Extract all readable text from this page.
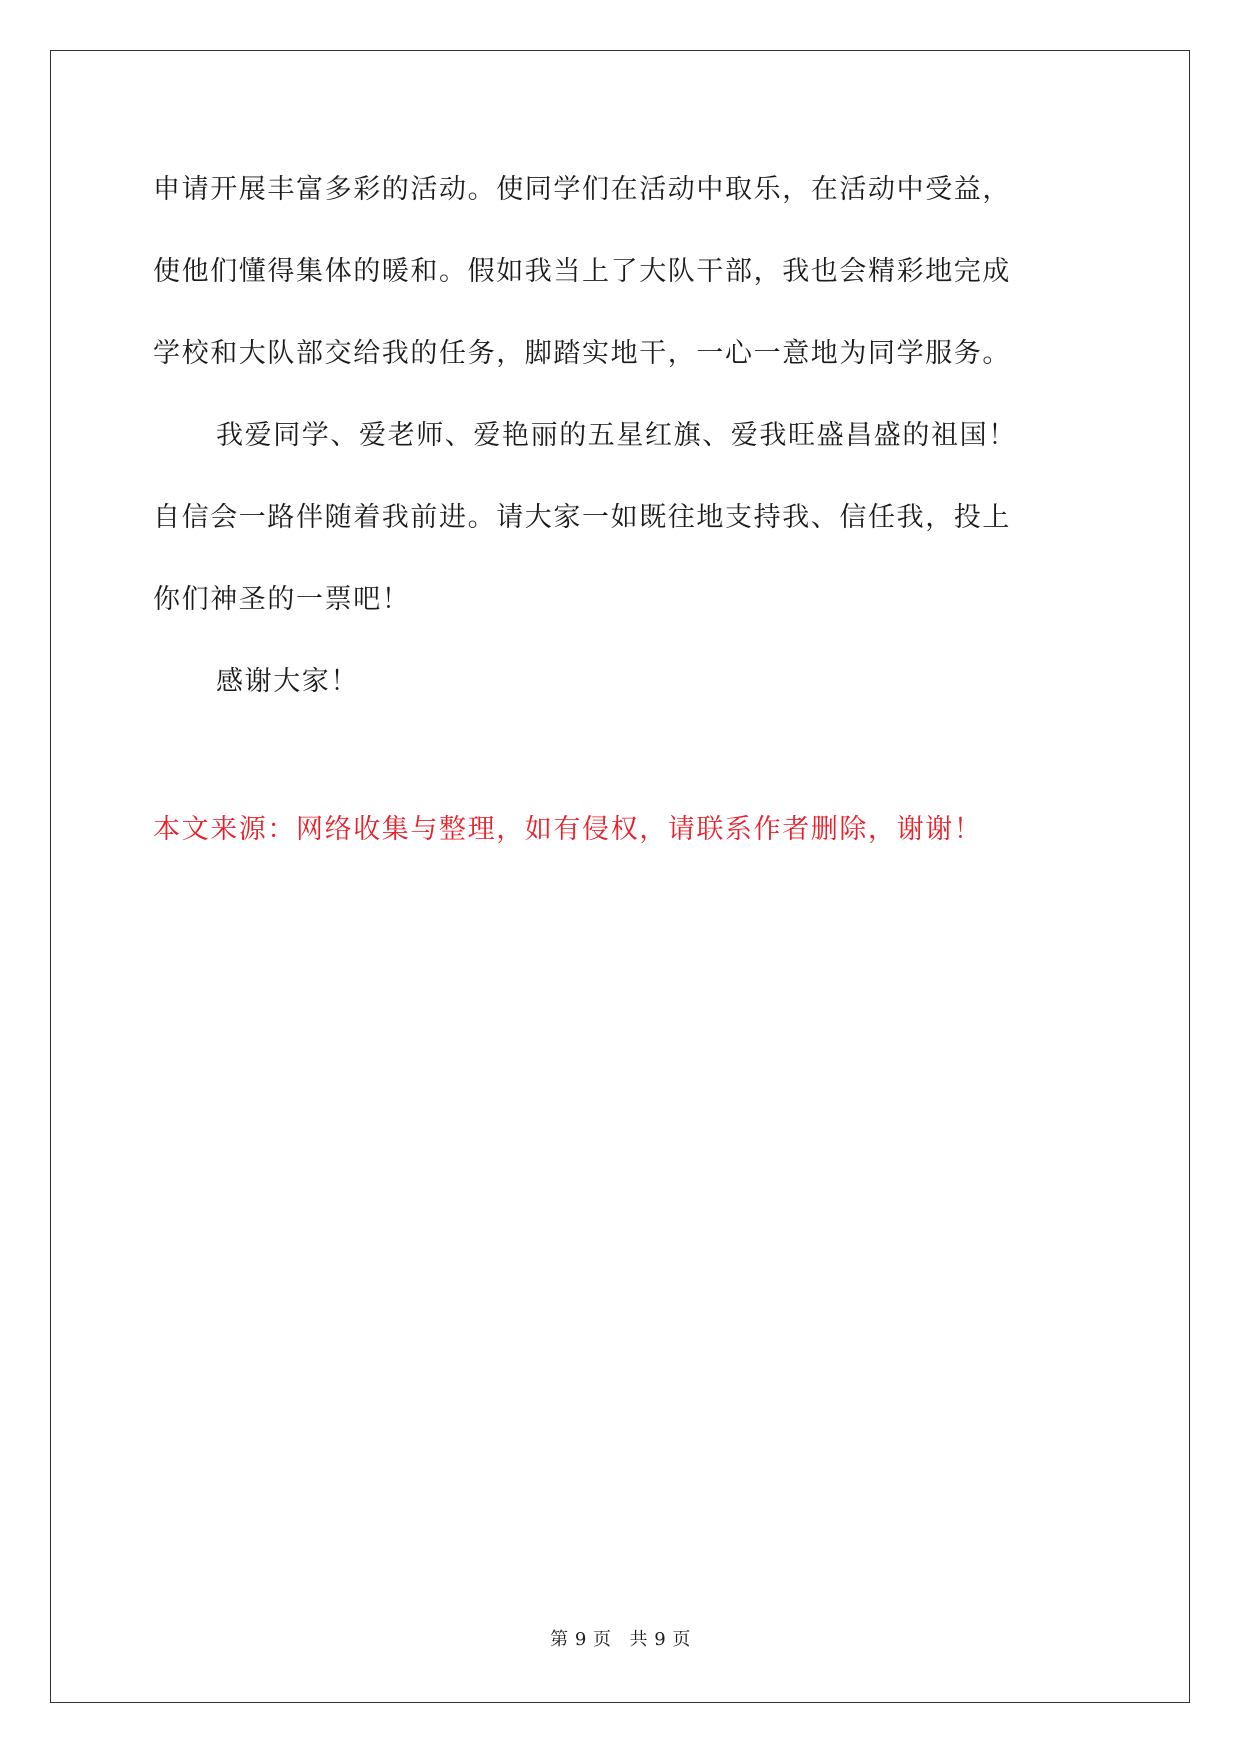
申请开展丰富多彩的活动。使同学们在活动中取乐，在活动中受益，
使他们懂得集体的暖和。假如我当上了大队干部，我也会精彩地完成
学校和大队部交给我的任务，脚踏实地干，一心一意地为同学服务。
我爱同学、爱老师、爱艳丽的五星红旗、爱我旺盛昌盛的祖国！
自信会一路伴随着我前进。请大家一如既往地支持我、信任我，投上
你们神圣的一票吧！
感谢大家！
本文来源：网络收集与整理，如有侵权，请联系作者删除，谢谢！
第 9 页 共 9 页
